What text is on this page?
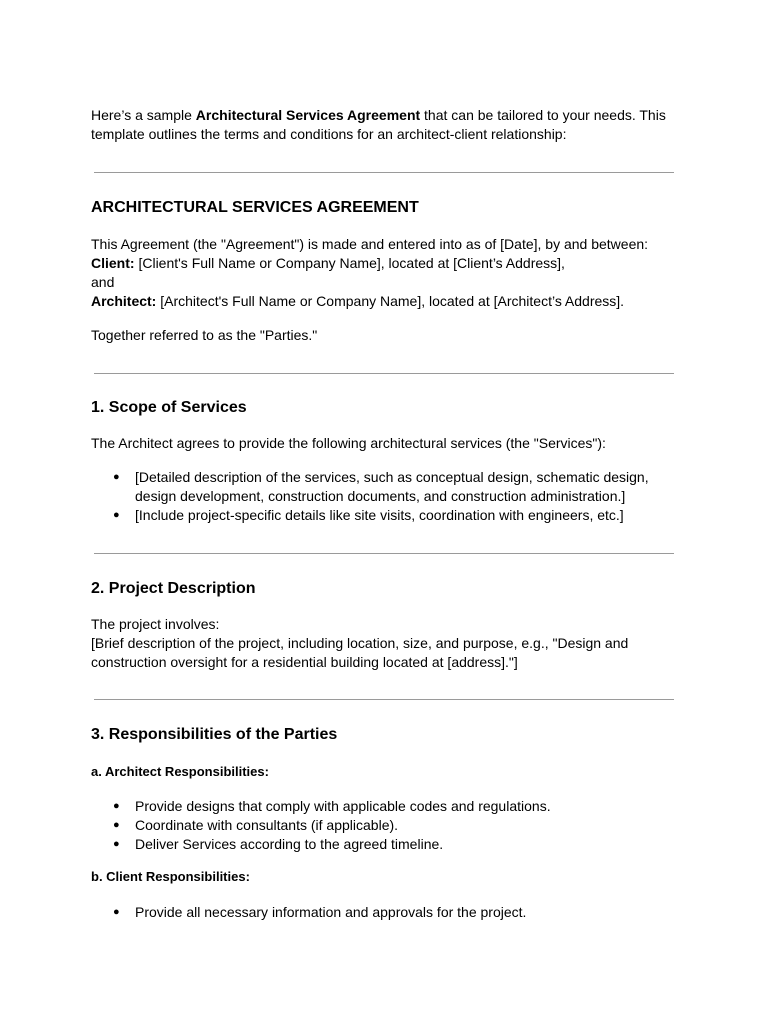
Here’s a sample Architectural Services Agreement that can be tailored to your needs. This
template outlines the terms and conditions for an architect-client relationship:
ARCHITECTURAL SERVICES AGREEMENT
This Agreement (the "Agreement") is made and entered into as of [Date], by and between:
Client: [Client's Full Name or Company Name], located at [Client’s Address],
and
Architect: [Architect's Full Name or Company Name], located at [Architect’s Address].
Together referred to as the "Parties."
1. Scope of Services
The Architect agrees to provide the following architectural services (the "Services"):
● [Detailed description of the services, such as conceptual design, schematic design,
design development, construction documents, and construction administration.]
● [Include project-specific details like site visits, coordination with engineers, etc.]
2. Project Description
The project involves:
[Brief description of the project, including location, size, and purpose, e.g., "Design and
construction oversight for a residential building located at [address]."]
3. Responsibilities of the Parties
a. Architect Responsibilities:
● Provide designs that comply with applicable codes and regulations.
● Coordinate with consultants (if applicable).
● Deliver Services according to the agreed timeline.
b. Client Responsibilities:
● Provide all necessary information and approvals for the project.
